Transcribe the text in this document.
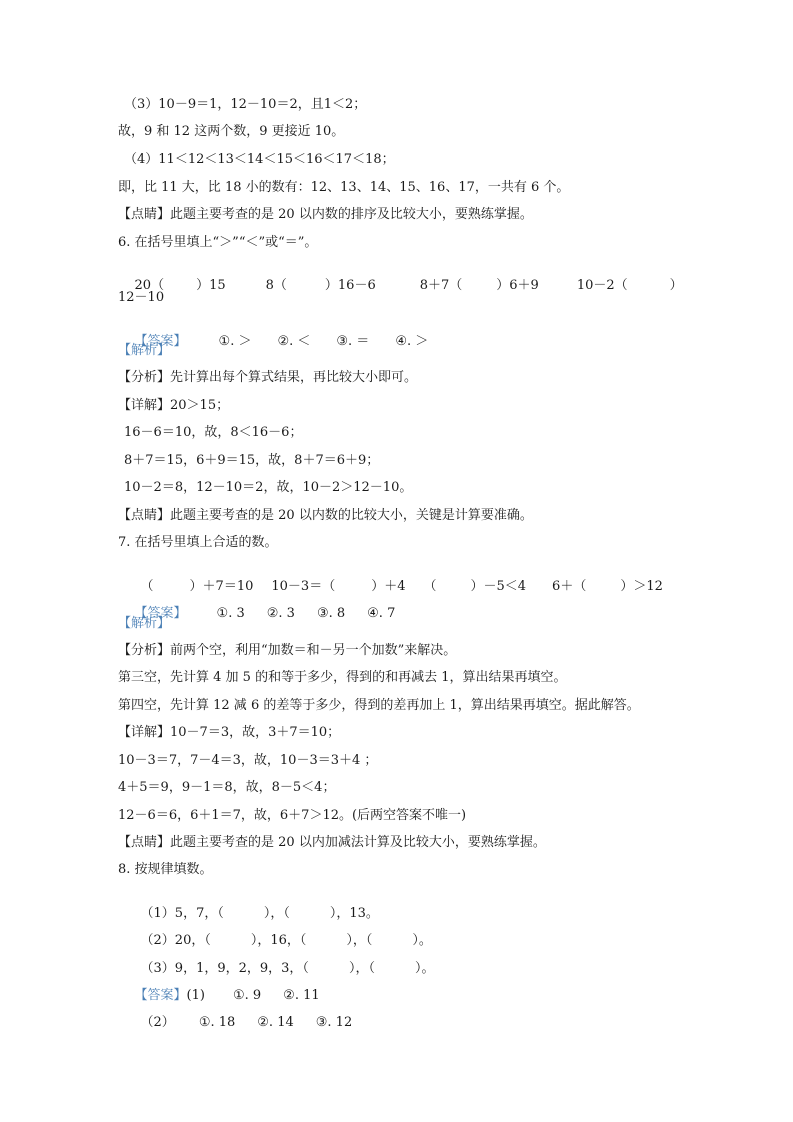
（3）10－9＝1，12－10＝2，且1＜2；
故，9 和 12 这两个数，9 更接近 10。
（4）11＜12＜13＜14＜15＜16＜17＜18；
即，比 11 大，比 18 小的数有：12、13、14、15、16、17，一共有 6 个。
【点睛】此题主要考查的是 20 以内数的排序及比较大小，要熟练掌握。
6. 在括号里填上“＞”“＜”或“＝”。

20（ ）15	8（	）16－6	8＋7（	）6＋9	10－2（	）

12－10

【答案】 ①. ＞ ②. ＜ ③. ＝ ④. ＞

【解析】
【分析】先计算出每个算式结果，再比较大小即可。
【详解】20＞15；
16－6＝10，故，8＜16－6；
8＋7＝15，6＋9＝15，故，8＋7＝6＋9；
10－2＝8，12－10＝2，故，10－2＞12－10。
【点睛】此题主要考查的是 20 以内数的比较大小，关键是计算要准确。
7. 在括号里填上合适的数。

（	）＋7＝10 10－3＝（	）＋4 （	）－5＜4 6＋（	）＞12

【答案】 ①. 3 ②. 3 ③. 8 ④. 7

【解析】
【分析】前两个空，利用“加数＝和－另一个加数”来解决。
第三空，先计算 4 加 5 的和等于多少，得到的和再减去 1，算出结果再填空。
第四空，先计算 12 减 6 的差等于多少，得到的差再加上 1，算出结果再填空。据此解答。
【详解】10－7＝3，故，3＋7＝10；
10－3＝7，7－4＝3，故，10－3＝3＋4 ；
4＋5＝9，9－1＝8，故，8－5＜4；
12－6＝6，6＋1＝7，故，6＋7＞12。(后两空答案不唯一)
【点睛】此题主要考查的是 20 以内加减法计算及比较大小，要熟练掌握。
8. 按规律填数。

（1）5，7，（	），（	），13。

（2）20，（	），16，（	），（	）。

（3）9，1，9，2，9，3，（	），（	）。

【答案】(1) ①. 9 ②. 11

（2） ①. 18 ②. 14 ③. 12
